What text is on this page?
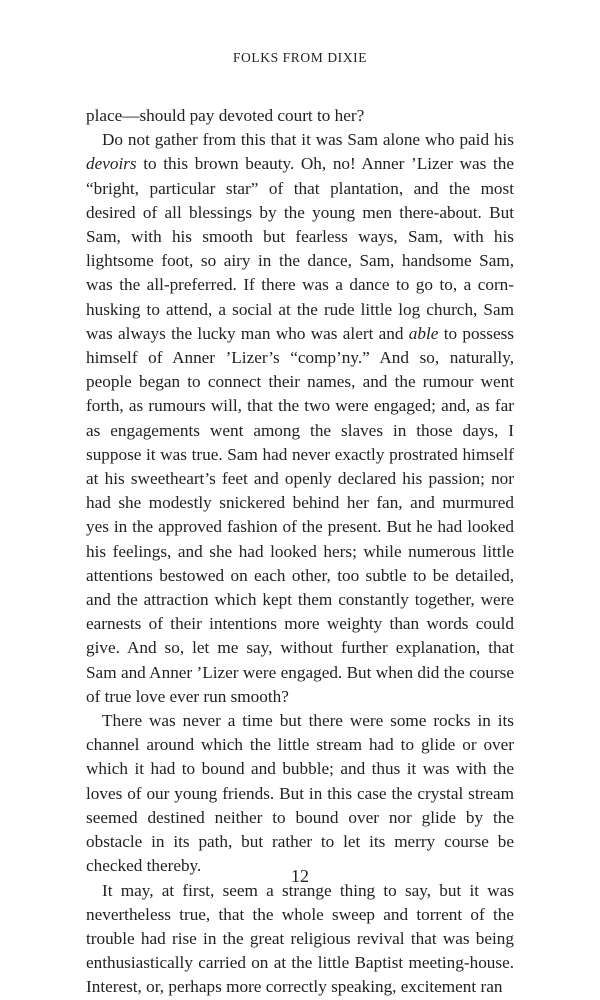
FOLKS FROM DIXIE

place—should pay devoted court to her?

Do not gather from this that it was Sam alone who paid his devoirs to this brown beauty. Oh, no! Anner ’Lizer was the “bright, particular star” of that plantation, and the most desired of all blessings by the young men there-about. But Sam, with his smooth but fearless ways, Sam, with his lightsome foot, so airy in the dance, Sam, handsome Sam, was the all-preferred. If there was a dance to go to, a corn-husking to attend, a social at the rude little log church, Sam was always the lucky man who was alert and able to possess himself of Anner ’Lizer’s “comp’ny.” And so, naturally, people began to connect their names, and the rumour went forth, as rumours will, that the two were engaged; and, as far as engagements went among the slaves in those days, I suppose it was true. Sam had never exactly prostrated himself at his sweetheart’s feet and openly declared his passion; nor had she modestly snickered behind her fan, and murmured yes in the approved fashion of the present. But he had looked his feelings, and she had looked hers; while numerous little attentions bestowed on each other, too subtle to be detailed, and the attraction which kept them constantly together, were earnests of their intentions more weighty than words could give. And so, let me say, without further explanation, that Sam and Anner ’Lizer were engaged. But when did the course of true love ever run smooth?

There was never a time but there were some rocks in its channel around which the little stream had to glide or over which it had to bound and bubble; and thus it was with the loves of our young friends. But in this case the crystal stream seemed destined neither to bound over nor glide by the obstacle in its path, but rather to let its merry course be checked thereby.

It may, at first, seem a strange thing to say, but it was nevertheless true, that the whole sweep and torrent of the trouble had rise in the great religious revival that was being enthusiastically carried on at the little Baptist meeting-house. Interest, or, perhaps more correctly speaking, excitement ran

12
